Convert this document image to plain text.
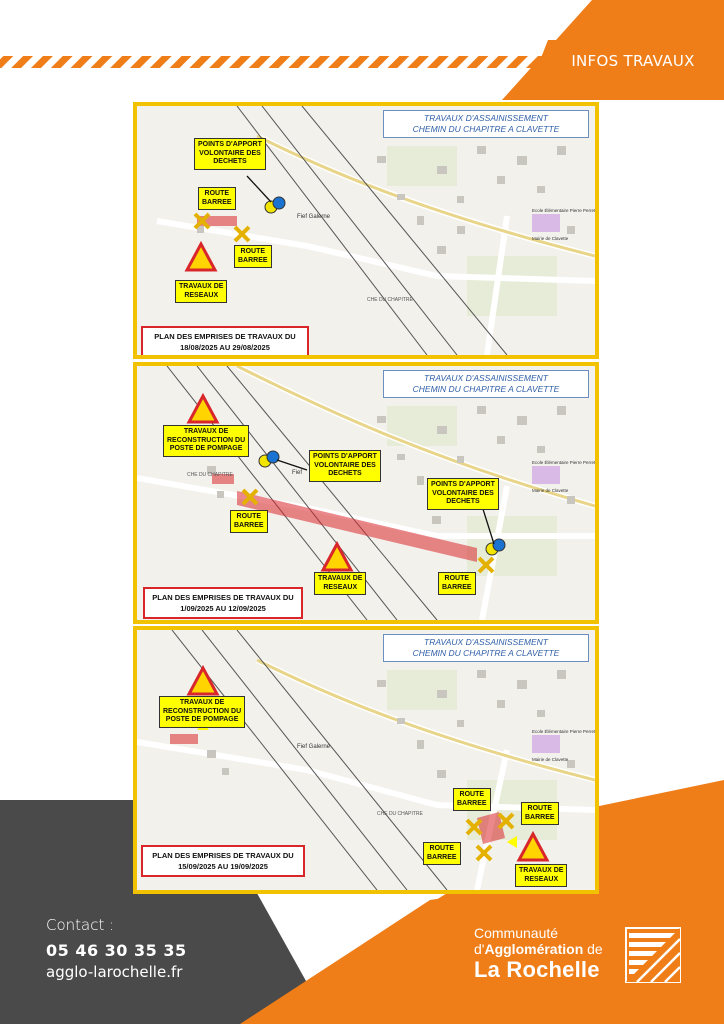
INFOS TRAVAUX
Fief Galerne
CHE DU CHAPITRE
Ecole Élémentaire Pierre Perret
Mairie de Clavette
TRAVAUX D'ASSAINISSEMENT
CHEMIN DU CHAPITRE A CLAVETTE
POINTS D'APPORT
VOLONTAIRE DES
DECHETS
ROUTE
BARREE
ROUTE
BARREE
TRAVAUX DE
RESEAUX
PLAN DES EMPRISES DE TRAVAUX DU
18/08/2025 AU 29/08/2025
Fief
CHE DU CHAPITRE
Ecole Élémentaire Pierre Perret
Mairie de Clavette
TRAVAUX D'ASSAINISSEMENT
CHEMIN DU CHAPITRE A CLAVETTE
TRAVAUX DE
RECONSTRUCTION DU
POSTE DE POMPAGE
POINTS D'APPORT
VOLONTAIRE DES
DECHETS
POINTS D'APPORT
VOLONTAIRE DES
DECHETS
ROUTE
BARREE
TRAVAUX DE
RESEAUX
ROUTE
BARREE
PLAN DES EMPRISES DE TRAVAUX DU
1/09/2025 AU 12/09/2025
Fief Galerne
CHE DU CHAPITRE
Ecole Élémentaire Pierre Perret
Mairie de Clavette
TRAVAUX D'ASSAINISSEMENT
CHEMIN DU CHAPITRE A CLAVETTE
TRAVAUX DE
RECONSTRUCTION DU
POSTE DE POMPAGE
ROUTE
BARREE
ROUTE
BARREE
ROUTE
BARREE
TRAVAUX DE
RESEAUX
PLAN DES EMPRISES DE TRAVAUX DU
15/09/2025 AU 19/09/2025
Contact :
05 46 30 35 35
agglo-larochelle.fr
Communauté
d'Agglomération de
La Rochelle
